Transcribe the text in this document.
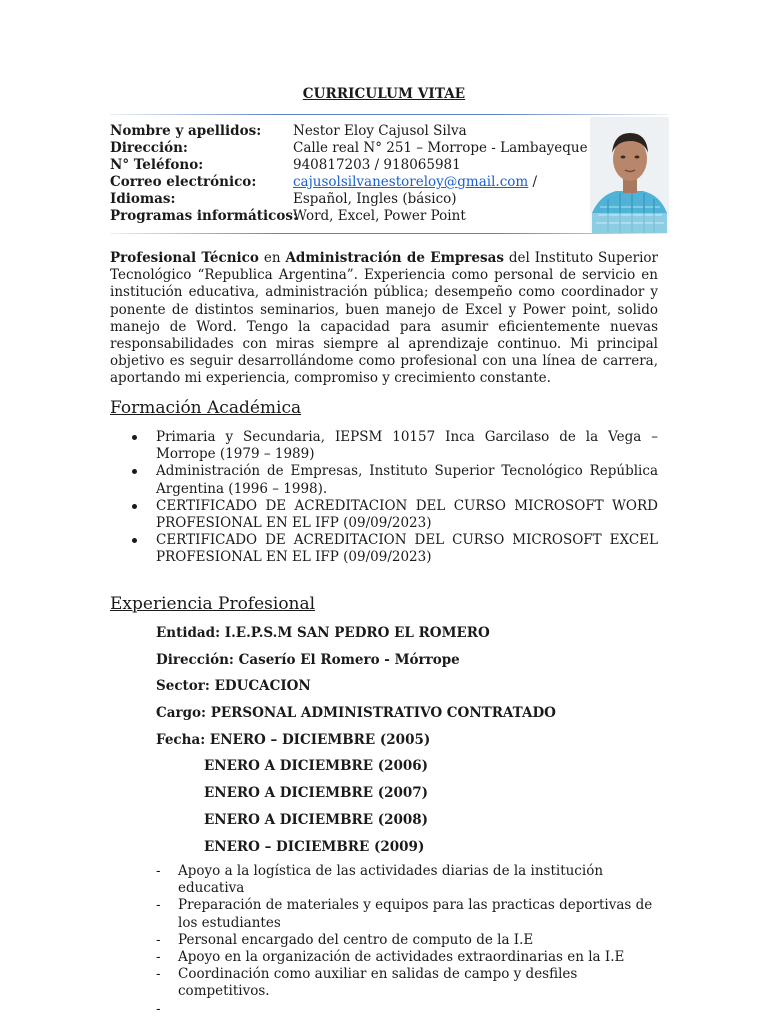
CURRICULUM VITAE
Nombre y apellidos:	Nestor Eloy Cajusol Silva
Dirección:	Calle real N° 251 – Morrope - Lambayeque
N° Teléfono:	940817203 / 918065981
Correo electrónico:	cajusolsilvanestoreloy@gmail.com /
Idiomas:	Español, Ingles (básico)
Programas informáticos:
Word, Excel, Power Point
Profesional Técnico en Administración de Empresas del Instituto Superior Tecnológico “Republica Argentina”. Experiencia como personal de servicio en institución educativa, administración pública; desempeño como coordinador y ponente de distintos seminarios, buen manejo de Excel y Power point, solido manejo de Word. Tengo la capacidad para asumir eficientemente nuevas responsabilidades con miras siempre al aprendizaje continuo. Mi principal objetivo es seguir desarrollándome como profesional con una línea de carrera, aportando mi experiencia, compromiso y crecimiento constante.
Formación Académica
Primaria y Secundaria, IEPSM 10157 Inca Garcilaso de la Vega – Morrope (1979 – 1989)
Administración de Empresas, Instituto Superior Tecnológico República Argentina (1996 – 1998).
CERTIFICADO DE ACREDITACION DEL CURSO MICROSOFT WORD PROFESIONAL EN EL IFP (09/09/2023)
CERTIFICADO DE ACREDITACION DEL CURSO MICROSOFT EXCEL PROFESIONAL EN EL IFP (09/09/2023)
Experiencia Profesional
Entidad: I.E.P.S.M SAN PEDRO EL ROMERO
Dirección: Caserío El Romero - Mórrope
Sector: EDUCACION
Cargo: PERSONAL ADMINISTRATIVO CONTRATADO
Fecha: ENERO – DICIEMBRE (2005)
ENERO A DICIEMBRE (2006)
ENERO A DICIEMBRE (2007)
ENERO A DICIEMBRE (2008)
ENERO – DICIEMBRE (2009)
- Apoyo a la logística de las actividades diarias de la institución educativa
- Preparación de materiales y equipos para las practicas deportivas de los estudiantes
- Personal encargado del centro de computo de la I.E
- Apoyo en la organización de actividades extraordinarias en la I.E
- Coordinación como auxiliar en salidas de campo y desfiles competitivos.
-
